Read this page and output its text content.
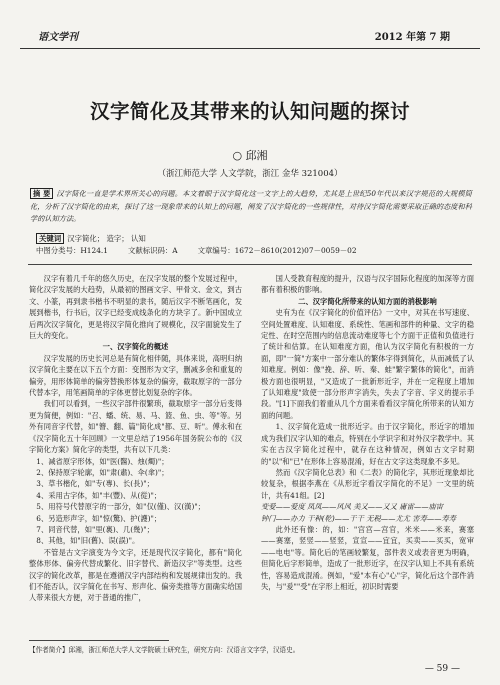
语文学刊	2012 年第 7 期
汉字简化及其带来的认知问题的探讨
○ 邱湘
（浙江师范大学 人文学院，浙江 金华 321004）
摘 要 汉字简化一直是学术界所关心的问题。本文着眼于汉字简化这一文字上的大趋势，尤其是上世纪50年代以来汉字规范的大规模简化，分析了汉字简化的由来，探讨了这一现象带来的认知上的问题，阐发了汉字简化的一些规律性，对待汉字简化需要采取正确的态度和科学的认知方法。
关键词 汉字简化； 造字； 认知
中图分类号：H124.1	文献标识码：A	文章编号：1672－8610(2012)07－0059－02

汉字有着几千年的悠久历史，在汉字发展的整个发展过程中，简化汉字发展的大趋势，从最初的图画文字、甲骨文、金文，到古文、小篆，再到隶书楷书不明显的隶书，随后汉字不断笔画化，发展到楷书，行书后，汉字已经变成线条化的方块字了。新中国成立后两次汉字简化，更是将汉字简化推向了规模化，汉字面貌发生了巨大的变化。

一、汉字简化的概述

汉字发展的历史长河总是有简化相伴随，具体来说，高明归纳汉字简化主要在以下五个方面：变图形为文字，删减多余和重复的偏旁，用形体简单的偏旁替换形体复杂的偏旁，截取原字的一部分代替本字，用笔画简单的字体更替比划复杂的字体。

我们可以看到，一些汉字部件很繁琐，截取原字一部分后变得更为简便，例如："召、蟠、统、易、马、篮、鱼、虫、等"等。另外有同音字代替，如"簪、翻、篇"简化成"都、豆、听"。傅永和在《汉字简化五十年回顾》一文里总结了1956年国务院公布的《汉字简化方案》简化字的类型，共有以下几类：

1、减省原字形体，如"医(醫)、烛(燭)"；

2、保持原字轮廓，如"肃(肅)、伞(傘)"；

3、草书楷化，如"专(專)、长(長)"；

4、采用古字体，如"丰(豐)、从(從)"；

5、用符号代替原字的一部分，如"仅(僅)、汉(漢)"；

6、另造形声字，如"惊(驚)、护(護)"；

7、同音代替，如"里(裏)、几(幾)"；

8、其他，如"旧(舊)、误(誤)"。

不管是古文字演变为今文字，还是现代汉字简化，都有"简化整体形体、偏旁代替成繁化、旧字替代、新造汉字"等类型。这些汉字的简化改革，都是在遵循汉字内部结构和发展规律出发的。我们不能否认，汉字简化在书写、形声化、偏旁类推等方面确实给国人带来很大方便，对于普通的推广，

国人受教育程度的提升，汉语与汉字国际化程度的加深等方面都有着积极的影响。

二、汉字简化所带来的认知方面的消极影响

史有为在《汉字简化的价值评估》一文中，对其在书写速度、空间处置难度、认知难度、系统性、笔画和部件的种量、文字的稳定性、在时空范围内的信息流动难度等七个方面干正值和负值进行了统计和估算。在认知难度方面，他认为汉字简化有积极的一方面，即"一简"方案中一部分难认的繁体字得到简化，从而减低了认知难度。例如：像"挽、辞、听、秦、蛙"繁字繁体的简化"，而消极方面也很明显，"又造成了一批新形近字，并在一定程度上增加了认知难度"致使一部分形声字消失，失去了字音、字义的提示手段。"[1]下面我们着重从几个方面来看看汉字简化所带来的认知方面的问题。

1、汉字简化造成一批形近字。由于汉字简化，形近字的增加成为我们汉字认知的难点，特别在小学识字和对外汉字教学中。其实在古汉字简化过程中，就存在这种情况，例如古文字时期的"以"和"已"在形体上容易混淆，好在古文字这类现象不多见。

然而《汉字简化总表》和《二表》的简化字，其形近现象却比较复杂，根据李燕在《从形近字看汉字简化的不足》一文里的统计，共有41组。[2]

变爱——爱度 凤凤——风风 美又——又又 庸雷——庙宙

钟门——办力 干种(乾)——干干 无税——尤尤 害寿——寿寿

此外还有像：的，如："宫宫—宫官，米米——米来，赛塞——赛塞，竖竖——竖竖，宣宣——宜宜，买卖——买买，宽审——电电"等。简化后的笔画较繁复，部件表义或表音更为明确，但简化后字形简单，造成了一批形近字，在汉字认知上不具有系统性，容易造成混淆。例如，"爱"本有心"心"字，简化后这个部件消失，与"爰""受"在字形上相近，初识时需要

【作者简介】邱湘，浙江师范大学人文学院硕士研究生，研究方向：汉语言文字学，汉语史。
— 59 —
